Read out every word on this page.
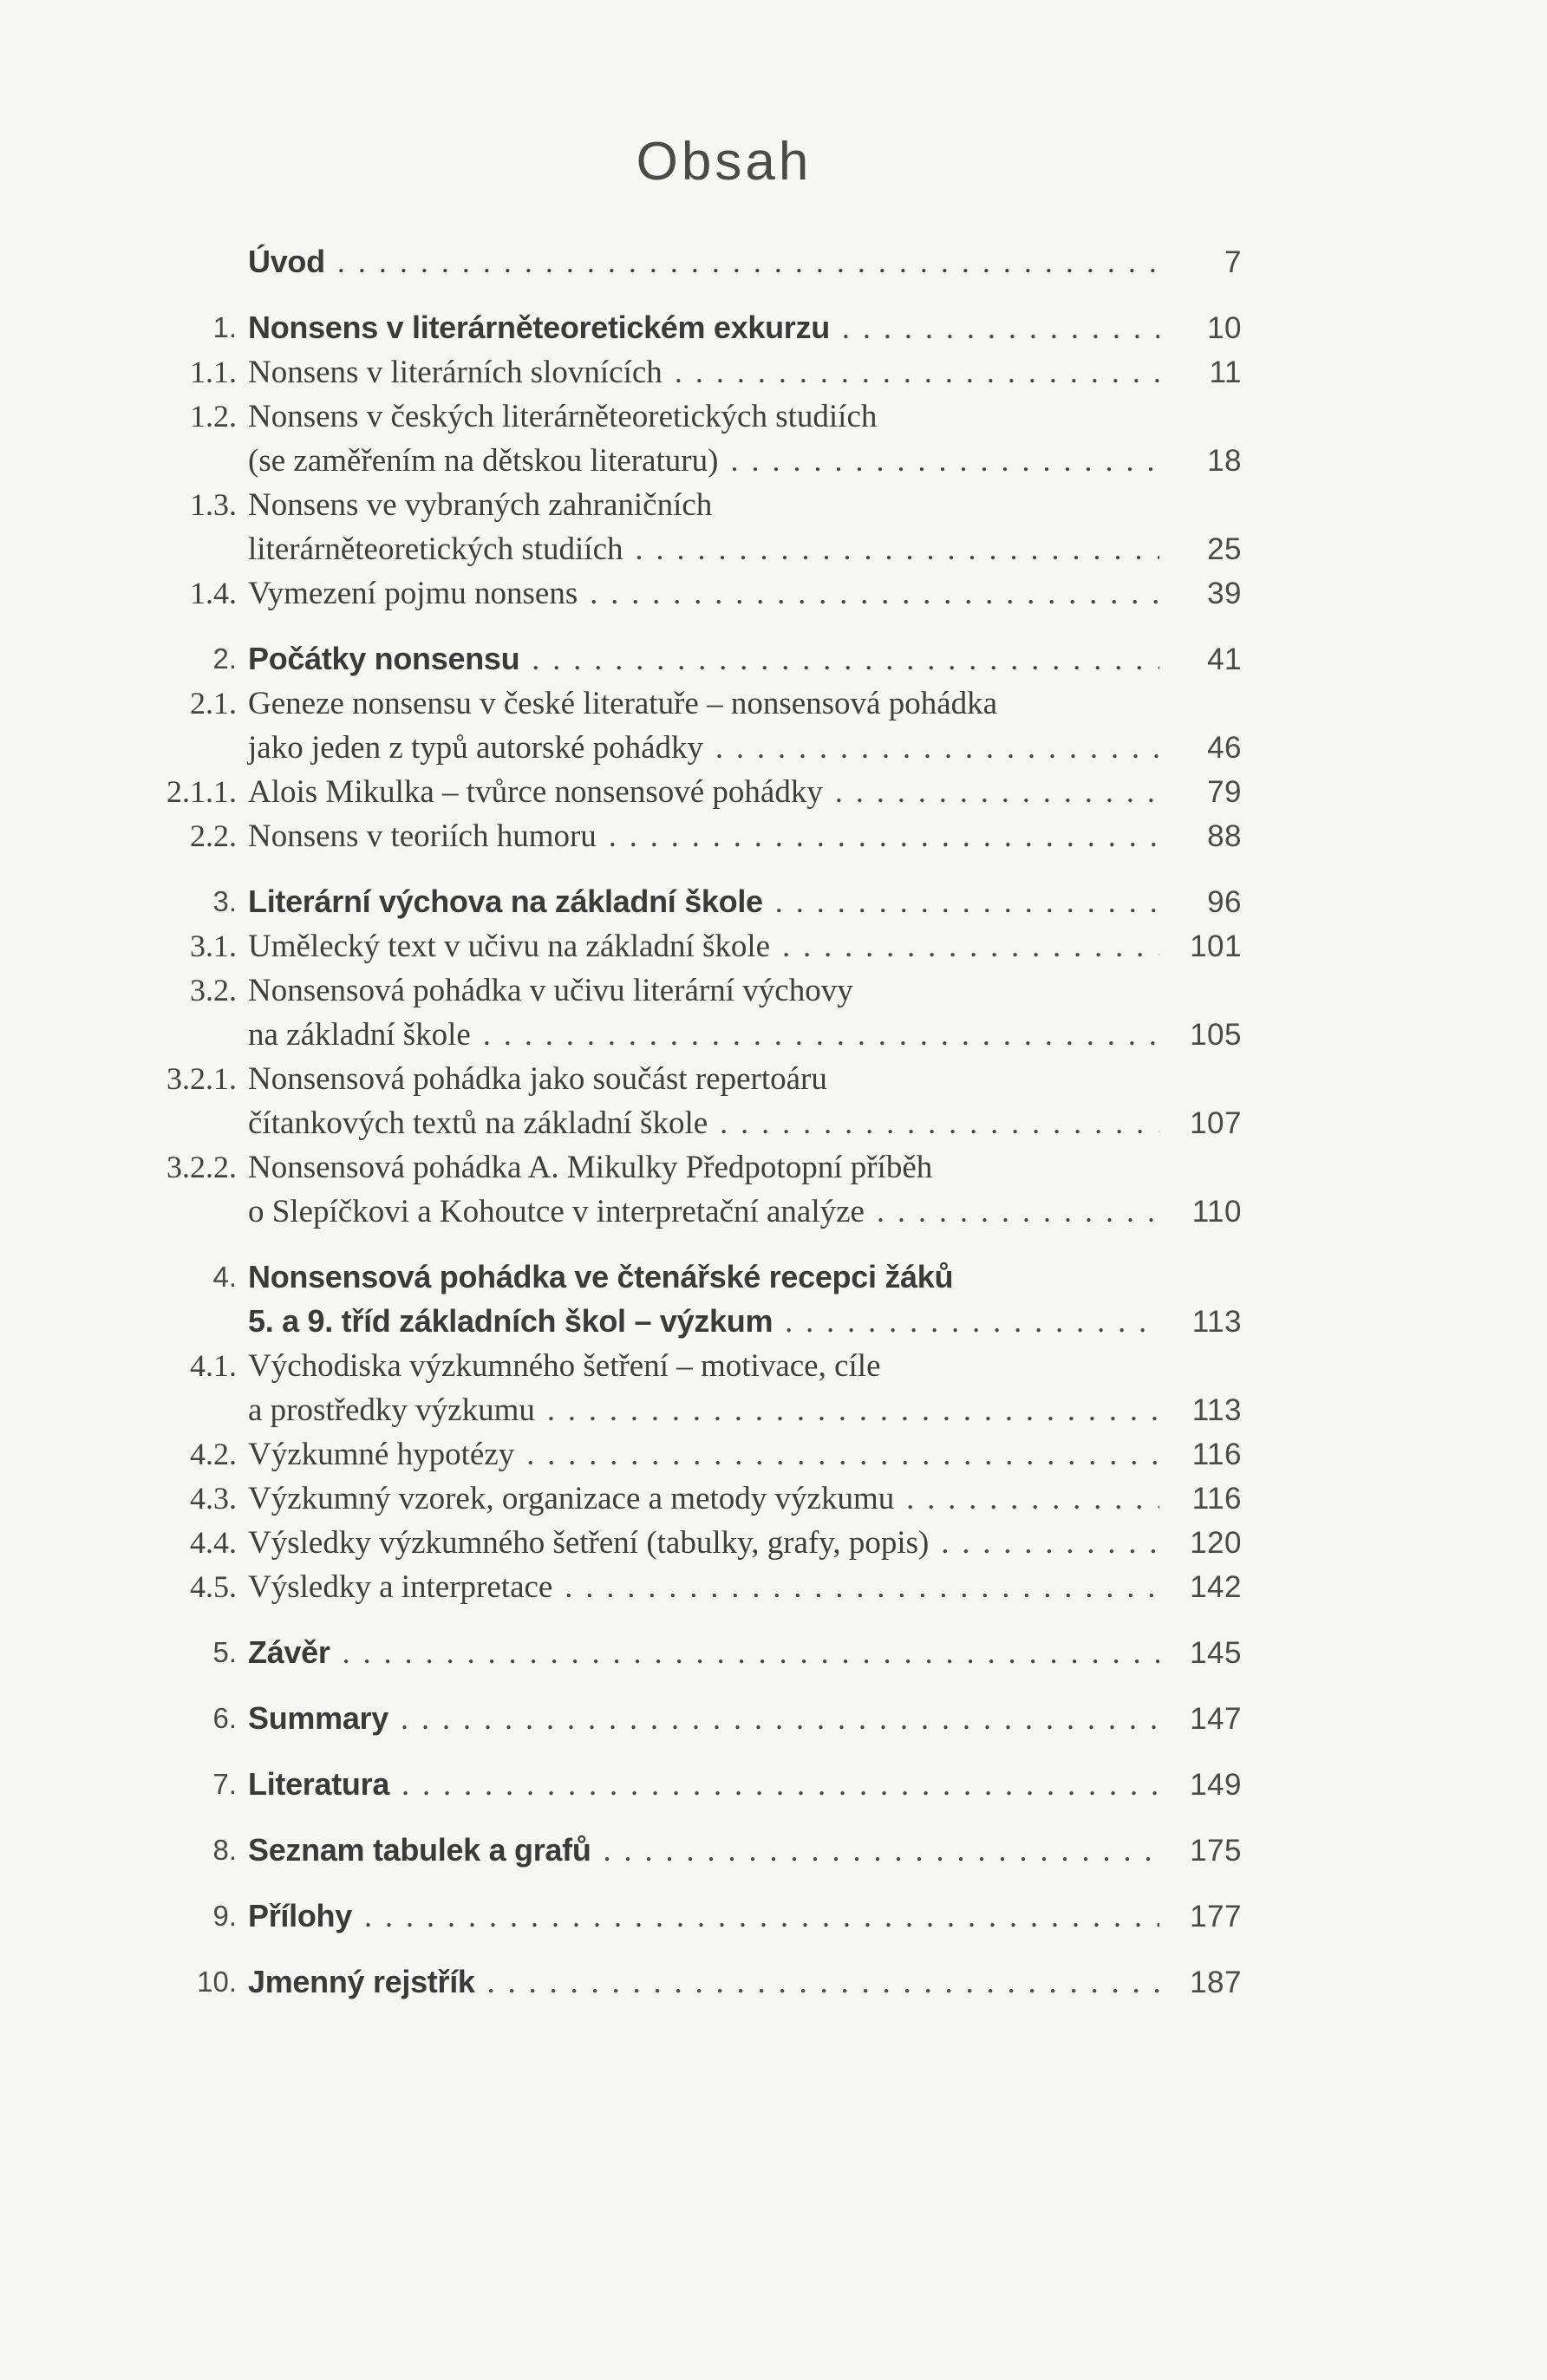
Obsah
Úvod .....	7
1. Nonsens v literárněteoretickém exkurzu .....	10
1.1. Nonsens v literárních slovnících .....	11
1.2. Nonsens v českých literárněteoretických studiích
(se zaměřením na dětskou literaturu) .....	18
1.3. Nonsens ve vybraných zahraničních
literárněteoretických studiích .....	25
1.4. Vymezení pojmu nonsens .....	39
2. Počátky nonsensu .....	41
2.1. Geneze nonsensu v české literatuře – nonsensová pohádka
jako jeden z typů autorské pohádky .....	46
2.1.1. Alois Mikulka – tvůrce nonsensové pohádky .....	79
2.2. Nonsens v teoriích humoru .....	88
3. Literární výchova na základní škole .....	96
3.1. Umělecký text v učivu na základní škole .....	101
3.2. Nonsensová pohádka v učivu literární výchovy
na základní škole .....	105
3.2.1. Nonsensová pohádka jako součást repertoáru
čítankových textů na základní škole .....	107
3.2.2. Nonsensová pohádka A. Mikulky Předpotopní příběh
o Slepíčkovi a Kohoutce v interpretační analýze .....	110
4. Nonsensová pohádka ve čtenářské recepci žáků
5. a 9. tříd základních škol – výzkum .....	113
4.1. Východiska výzkumného šetření – motivace, cíle
a prostředky výzkumu .....	113
4.2. Výzkumné hypotézy .....	116
4.3. Výzkumný vzorek, organizace a metody výzkumu .....	116
4.4. Výsledky výzkumného šetření (tabulky, grafy, popis) .....	120
4.5. Výsledky a interpretace .....	142
5. Závěr .....	145
6. Summary .....	147
7. Literatura .....	149
8. Seznam tabulek a grafů .....	175
9. Přílohy .....	177
10. Jmenný rejstřík .....	187
